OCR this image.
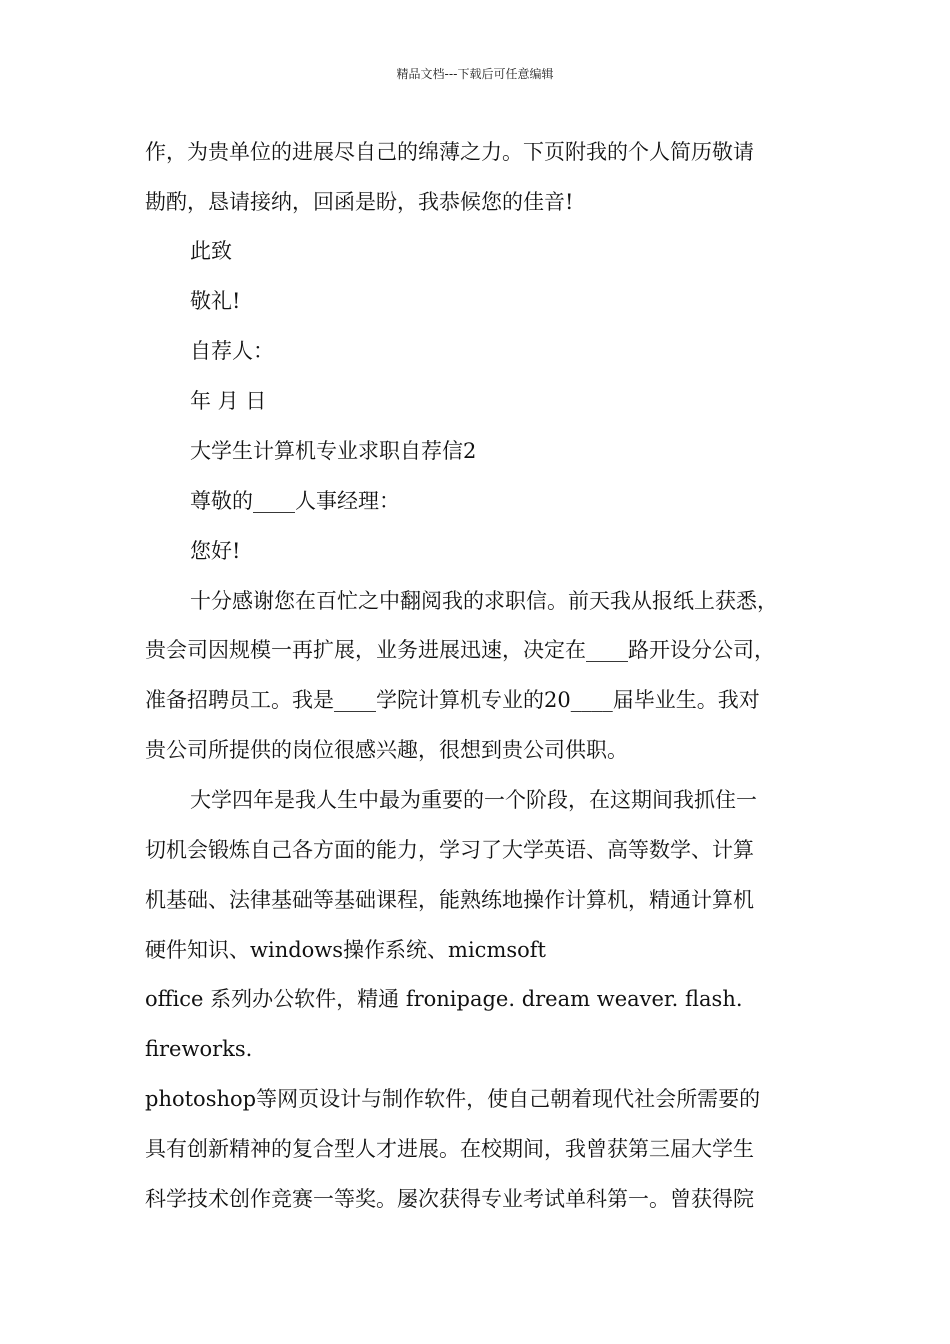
精品文档---下载后可任意编辑
作，为贵单位的进展尽自己的绵薄之力。下页附我的个人简历敬请
勘酌，恳请接纳，回函是盼，我恭候您的佳音!
此致
敬礼!
自荐人：
年 月 日
大学生计算机专业求职自荐信2
尊敬的____人事经理：
您好!
十分感谢您在百忙之中翻阅我的求职信。前天我从报纸上获悉，
贵会司因规模一再扩展，业务进展迅速，决定在____路开设分公司，
准备招聘员工。我是____学院计算机专业的20____届毕业生。我对
贵公司所提供的岗位很感兴趣，很想到贵公司供职。
大学四年是我人生中最为重要的一个阶段，在这期间我抓住一
切机会锻炼自己各方面的能力，学习了大学英语、高等数学、计算
机基础、法律基础等基础课程，能熟练地操作计算机，精通计算机
硬件知识、windows操作系统、micmsoft
office 系列办公软件，精通 fronipage. dream weaver. flash.
fireworks.
photoshop等网页设计与制作软件，使自己朝着现代社会所需要的
具有创新精神的复合型人才进展。在校期间，我曾获第三届大学生
科学技术创作竞赛一等奖。屡次获得专业考试单科第一。曾获得院
